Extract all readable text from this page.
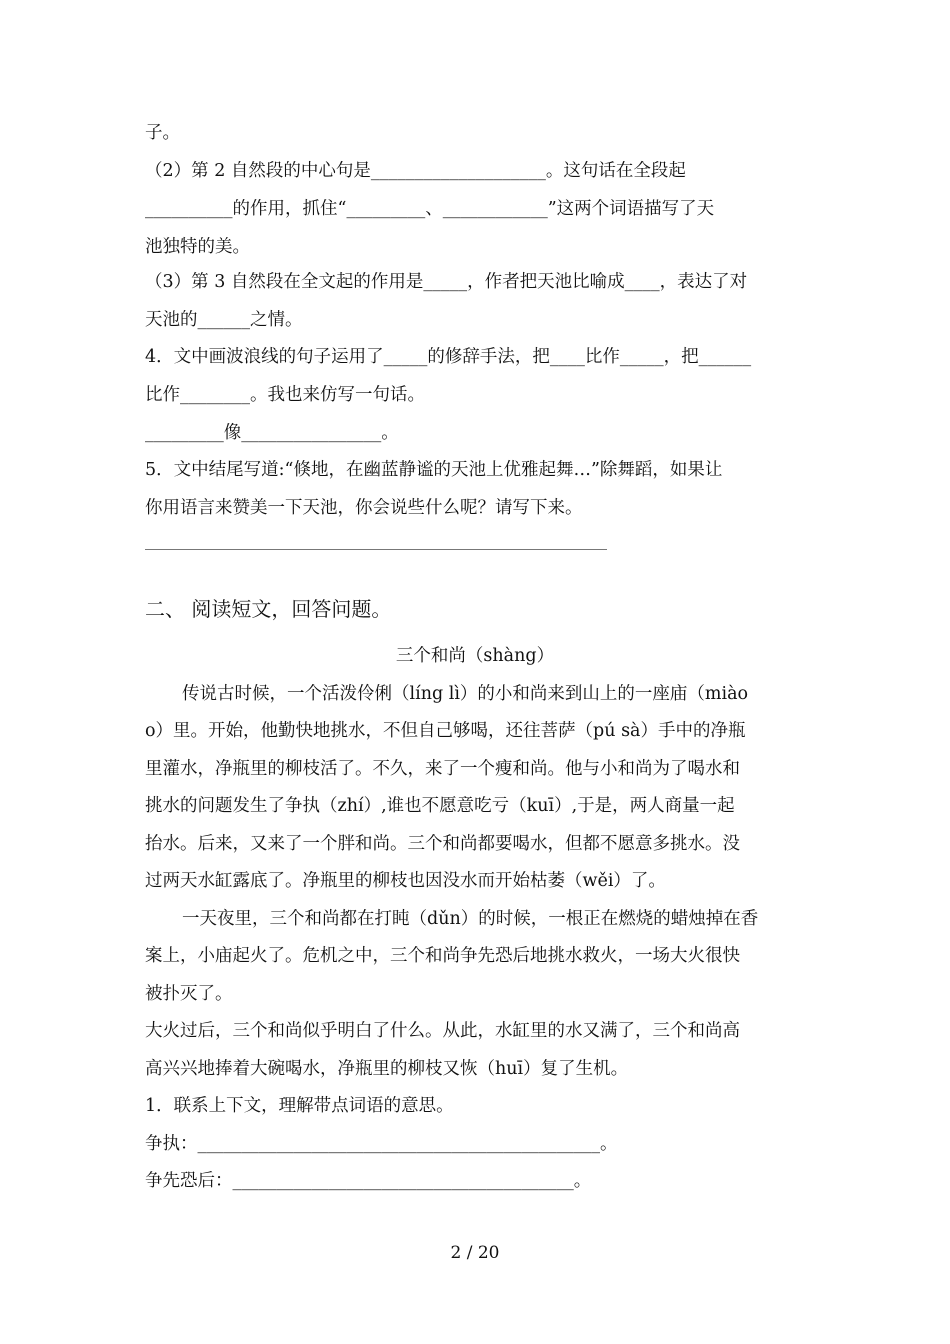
子。
（2）第 2 自然段的中心句是____________________。这句话在全段起
__________的作用，抓住“_________、____________”这两个词语描写了天
池独特的美。
（3）第 3 自然段在全文起的作用是_____，作者把天池比喻成____，表达了对
天池的______之情。
4．文中画波浪线的句子运用了_____的修辞手法，把____比作_____，把______
比作________。我也来仿写一句话。
_________像________________。
5．文中结尾写道:“倏地，在幽蓝静谧的天池上优雅起舞…”除舞蹈，如果让
你用语言来赞美一下天池，你会说些什么呢？请写下来。
二、 阅读短文，回答问题。
三个和尚（shàng）
传说古时候，一个活泼伶俐（líng lì）的小和尚来到山上的一座庙（miào
o）里。开始，他勤快地挑水，不但自己够喝，还往菩萨（pú sà）手中的净瓶
里灌水，净瓶里的柳枝活了。不久，来了一个瘦和尚。他与小和尚为了喝水和
挑水的问题发生了争执（zhí）,谁也不愿意吃亏（kuī）,于是，两人商量一起
抬水。后来，又来了一个胖和尚。三个和尚都要喝水，但都不愿意多挑水。没
过两天水缸露底了。净瓶里的柳枝也因没水而开始枯萎（wěi）了。
一天夜里，三个和尚都在打盹（dǔn）的时候，一根正在燃烧的蜡烛掉在香
案上，小庙起火了。危机之中，三个和尚争先恐后地挑水救火，一场大火很快
被扑灭了。
大火过后，三个和尚似乎明白了什么。从此，水缸里的水又满了，三个和尚高
高兴兴地捧着大碗喝水，净瓶里的柳枝又恢（huī）复了生机。
1．联系上下文，理解带点词语的意思。
争执：______________________________________________。
争先恐后：_______________________________________。
2 / 20
